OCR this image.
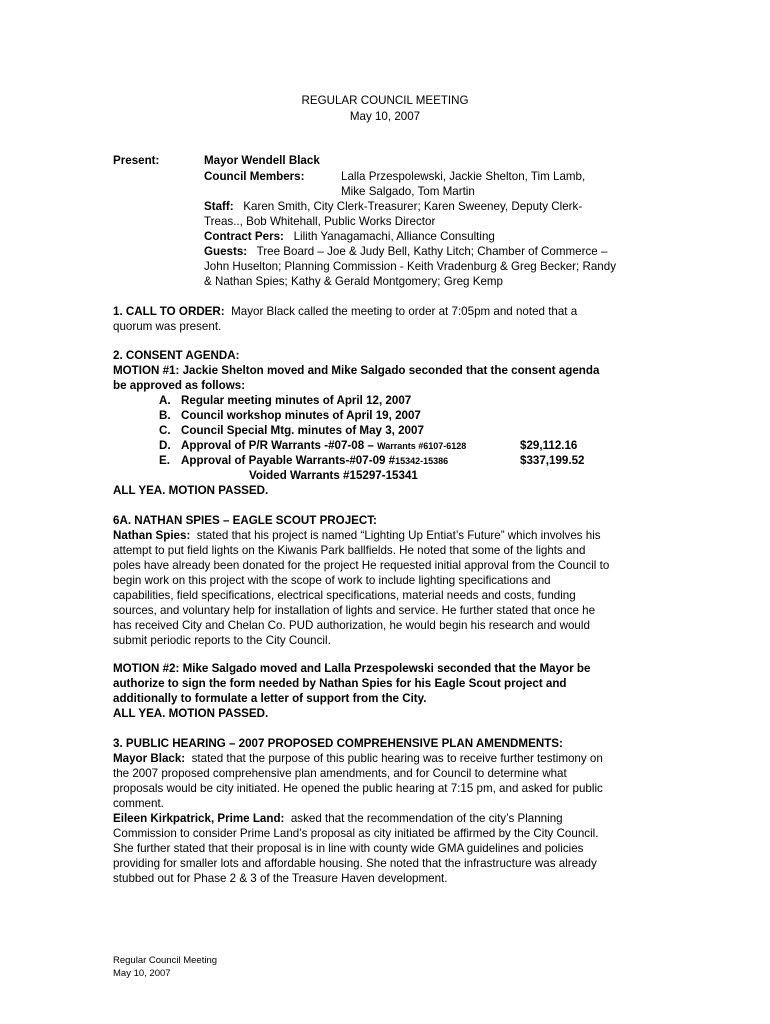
REGULAR COUNCIL MEETING
May 10, 2007
Present:	Mayor Wendell Black
Council Members:	Lalla Przespolewski, Jackie Shelton, Tim Lamb,
Mike Salgado, Tom Martin
Staff: Karen Smith, City Clerk-Treasurer; Karen Sweeney, Deputy Clerk-
Treas.., Bob Whitehall, Public Works Director
Contract Pers: Lilith Yanagamachi, Alliance Consulting
Guests: Tree Board – Joe & Judy Bell, Kathy Litch; Chamber of Commerce –
John Huselton; Planning Commission - Keith Vradenburg & Greg Becker; Randy
& Nathan Spies; Kathy & Gerald Montgomery; Greg Kemp
1. CALL TO ORDER: Mayor Black called the meeting to order at 7:05pm and noted that a
quorum was present.
2. CONSENT AGENDA:
MOTION #1: Jackie Shelton moved and Mike Salgado seconded that the consent agenda
be approved as follows:
A. Regular meeting minutes of April 12, 2007
B. Council workshop minutes of April 19, 2007
C. Council Special Mtg. minutes of May 3, 2007
D. Approval of P/R Warrants -#07-08 – Warrants #6107-6128	$29,112.16
E. Approval of Payable Warrants-#07-09 #15342-15386	$337,199.52
Voided Warrants #15297-15341
ALL YEA. MOTION PASSED.
6A. NATHAN SPIES – EAGLE SCOUT PROJECT:
Nathan Spies: stated that his project is named “Lighting Up Entiat’s Future” which involves his
attempt to put field lights on the Kiwanis Park ballfields. He noted that some of the lights and
poles have already been donated for the project He requested initial approval from the Council to
begin work on this project with the scope of work to include lighting specifications and
capabilities, field specifications, electrical specifications, material needs and costs, funding
sources, and voluntary help for installation of lights and service. He further stated that once he
has received City and Chelan Co. PUD authorization, he would begin his research and would
submit periodic reports to the City Council.
MOTION #2: Mike Salgado moved and Lalla Przespolewski seconded that the Mayor be
authorize to sign the form needed by Nathan Spies for his Eagle Scout project and
additionally to formulate a letter of support from the City.
ALL YEA. MOTION PASSED.
3. PUBLIC HEARING – 2007 PROPOSED COMPREHENSIVE PLAN AMENDMENTS:
Mayor Black: stated that the purpose of this public hearing was to receive further testimony on
the 2007 proposed comprehensive plan amendments, and for Council to determine what
proposals would be city initiated. He opened the public hearing at 7:15 pm, and asked for public
comment.
Eileen Kirkpatrick, Prime Land: asked that the recommendation of the city’s Planning
Commission to consider Prime Land’s proposal as city initiated be affirmed by the City Council.
She further stated that their proposal is in line with county wide GMA guidelines and policies
providing for smaller lots and affordable housing. She noted that the infrastructure was already
stubbed out for Phase 2 & 3 of the Treasure Haven development.
Regular Council Meeting
May 10, 2007
